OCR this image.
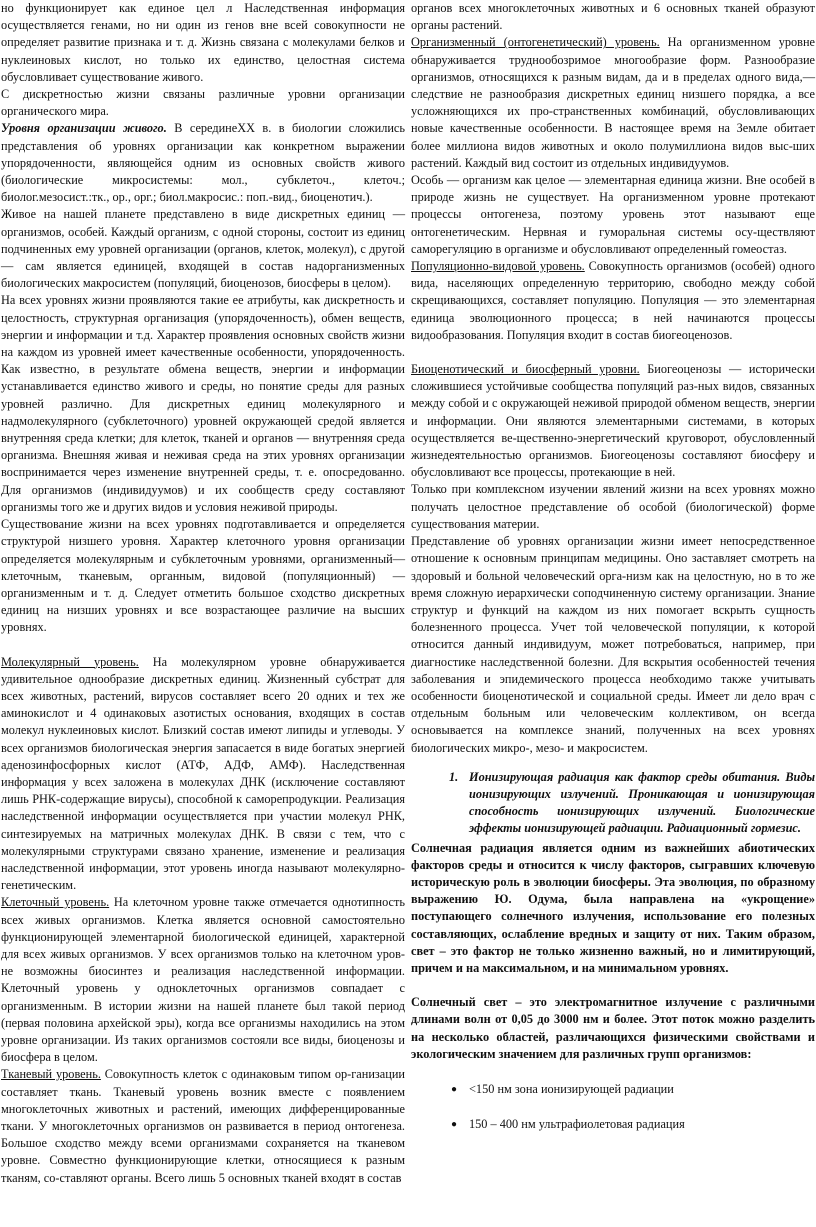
но функционирует как единое цел л Наследственная информация осуществляется генами, но ни один из генов вне всей совокупности не определяет развитие признака и т. д. Жизнь связана с молекулами белков и нуклеиновых кислот, но только их единство, целостная система обусловливает существование живого.

С дискретностью жизни связаны различные уровни организации органического мира.

Уровня организации живого. В серединеXX в. в биологии сложились представления об уровнях организации как конкретном выражении упорядоченности, являющейся одним из основных свойств живого (биологические микросистемы: мол., субклеточ., клеточ.; биолог.мезосист.:тк., ор., орг.; биол.макросис.: поп.-вид., биоценотич.).

Живое на нашей планете представлено в виде дискретных единиц — организмов, особей. Каждый организм, с одной стороны, состоит из единиц подчиненных ему уровней организации (органов, клеток, молекул), с другой — сам является единицей, входящей в состав надорганизменных биологических макросистем (популяций, биоценозов, биосферы в целом).

На всех уровнях жизни проявляются такие ее атрибуты, как дискретность и целостность, структурная организация (упорядоченность), обмен веществ, энергии и информации и т.д. Характер проявления основных свойств жизни на каждом из уровней имеет качественные особенности, упорядоченность. Как известно, в результате обмена веществ, энергии и информации устанавливается единство живого и среды, но понятие среды для разных уровней различно. Для дискретных единиц молекулярного и надмолекулярного (субклеточного) уровней окружающей средой является внутренняя среда клетки; для клеток, тканей и органов — внутренняя среда организма. Внешняя живая и неживая среда на этих уровнях организации воспринимается через изменение внутренней среды, т. е. опосредованно. Для организмов (индивидуумов) и их сообществ среду составляют организмы того же и других видов и условия неживой природы.

Существование жизни на всех уровнях подготавливается и определяется структурой низшего уровня. Характер клеточного уровня организации определяется молекулярным и субклеточным уровнями, организменный— клеточным, тканевым, органным, видовой (популяционный) — организменным и т. д. Следует отметить большое сходство дискретных единиц на низших уровнях и все возрастающее различие на высших уровнях.

Молекулярный уровень. На молекулярном уровне обнаруживается удивительное однообразие дискретных единиц. Жизненный субстрат для всех животных, растений, вирусов составляет всего 20 одних и тех же аминокислот и 4 одинаковых азотистых основания, входящих в состав молекул нуклеиновых кислот. Близкий состав имеют липиды и углеводы. У всех организмов биологическая энергия запасается в виде богатых энергией аденозинфосфорных кислот (АТФ, АДФ, АМФ). Наследственная информация у всех заложена в молекулах ДНК (исключение составляют лишь РНК-содержащие вирусы), способной к саморепродукции. Реализация наследственной информации осуществляется при участии молекул РНК, синтезируемых на матричных молекулах ДНК. В связи с тем, что с молекулярными структурами связано хранение, изменение и реализация наследственной информации, этот уровень иногда называют молекулярно-генетическим.

Клеточный уровень. На клеточном уровне также отмечается однотипность всех живых организмов. Клетка является основной самостоятельно функционирующей элементарной биологической единицей, характерной для всех живых организмов. У всех организмов только на клеточном уров-не возможны биосинтез и реализация наследственной информации. Клеточный уровень у одноклеточных организмов совпадает с организменным. В истории жизни на нашей планете был такой период (первая половина архейской эры), когда все организмы находились на этом уровне организации. Из таких организмов состояли все виды, биоценозы и биосфера в целом.

Тканевый уровень. Совокупность клеток с одинаковым типом ор-ганизации составляет ткань. Тканевый уровень возник вместе с появлением многоклеточных животных и растений, имеющих дифференцированные ткани. У многоклеточных организмов он развивается в период онтогенеза. Большое сходство между всеми организмами сохраняется на тканевом уровне. Совместно функционирующие клетки, относящиеся к разным тканям, со-ставляют органы. Всего лишь 5 основных тканей входят в состав

органов всех многоклеточных животных и 6 основных тканей образуют органы растений.

Организменный (онтогенетический) уровень. На организменном уровне обнаруживается труднообозримое многообразие форм. Разнообразие организмов, относящихся к разным видам, да и в пределах одного вида,— следствие не разнообразия дискретных единиц низшего порядка, а все усложняющихся их про-странственных комбинаций, обусловливающих новые качественные особенности. В настоящее время на Земле обитает более миллиона видов животных и около полумиллиона видов выс-ших растений. Каждый вид состоит из отдельных индивидуумов.

Особь — организм как целое — элементарная единица жизни. Вне особей в природе жизнь не существует. На организменном уровне протекают процессы онтогенеза, поэтому уровень этот называют еще онтогенетическим. Нервная и гуморальная системы осу-ществляют саморегуляцию в организме и обусловливают определенный гомеостаз.

Популяционно-видовой уровень. Совокупность организмов (особей) одного вида, населяющих определенную территорию, свободно между собой скрещивающихся, составляет популяцию. Популяция — это элементарная единица эволюционного процесса; в ней начинаются процессы видообразования. Популяция входит в состав биогеоценозов.

Биоценотический и биосферный уровни. Биогеоценозы — исторически сложившиеся устойчивые сообщества популяций раз-ных видов, связанных между собой и с окружающей неживой природой обменом веществ, энергии и информации. Они являются элементарными системами, в которых осуществляется ве-щественно-энергетический круговорот, обусловленный жизнедеятельностью организмов. Биогеоценозы составляют биосферу и обусловливают все процессы, протекающие в ней.

Только при комплексном изучении явлений жизни на всех уровнях можно получать целостное представление об особой (биологической) форме существования материи.

Представление об уровнях организации жизни имеет непосредственное отношение к основным принципам медицины. Оно заставляет смотреть на здоровый и больной человеческий орга-низм как на целостную, но в то же время сложную иерархически соподчиненную систему организации. Знание структур и функций на каждом из них помогает вскрыть сущность болезненного процесса. Учет той человеческой популяции, к которой относится данный индивидуум, может потребоваться, например, при диагностике наследственной болезни. Для вскрытия особенностей течения заболевания и эпидемического процесса необходимо также учитывать особенности биоценотической и социальной среды. Имеет ли дело врач с отдельным больным или человеческим коллективом, он всегда основывается на комплексе знаний, полученных на всех уровнях биологических микро-, мезо- и макросистем.

1. Ионизирующая радиация как фактор среды обитания. Виды ионизирующих излучений. Проникающая и ионизирующая способность ионизирующих излучений. Биологические эффекты ионизирующей радиации. Радиационный гормезис.

Солнечная радиация является одним из важнейших абиотических факторов среды и относится к числу факторов, сыгравших ключевую историческую роль в эволюции биосферы. Эта эволюция, по образному выражению Ю. Одума, была направлена на «укрощение» поступающего солнечного излучения, использование его полезных составляющих, ослабление вредных и защиту от них. Таким образом, свет – это фактор не только жизненно важный, но и лимитирующий, причем и на максимальном, и на минимальном уровнях.

Солнечный свет – это электромагнитное излучение с различными длинами волн от 0,05 до 3000 нм и более. Этот поток можно разделить на несколько областей, различающихся физическими свойствами и экологическим значением для различных групп организмов:

● <150 нм зона ионизирующей радиации
● 150 – 400 нм ультрафиолетовая радиация
